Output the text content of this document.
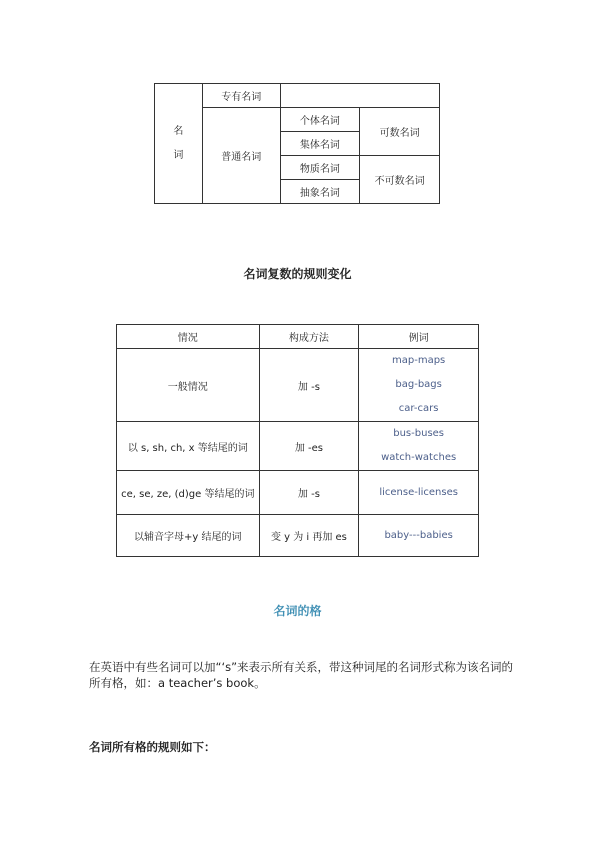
名
词	专有名词		
	普通名词	个体名词	可数名词
		集体名词	
		物质名词	不可数名词
		抽象名词	
名词复数的规则变化
情况	构成方法	例词
一般情况	加 -s	map-maps
bag-bags
car-cars

以 s, sh, ch, x 等结尾的词	加 -es	bus-buses
watch-watches

ce, se, ze, (d)ge 等结尾的词	加 -s	license-licenses
以辅音字母+y 结尾的词	变 y 为 i 再加 es	baby---babies
名词的格
在英语中有些名词可以加“‘s”来表示所有关系，带这种词尾的名词形式称为该名词的所有格，如：a teacher’s book。
名词所有格的规则如下：
